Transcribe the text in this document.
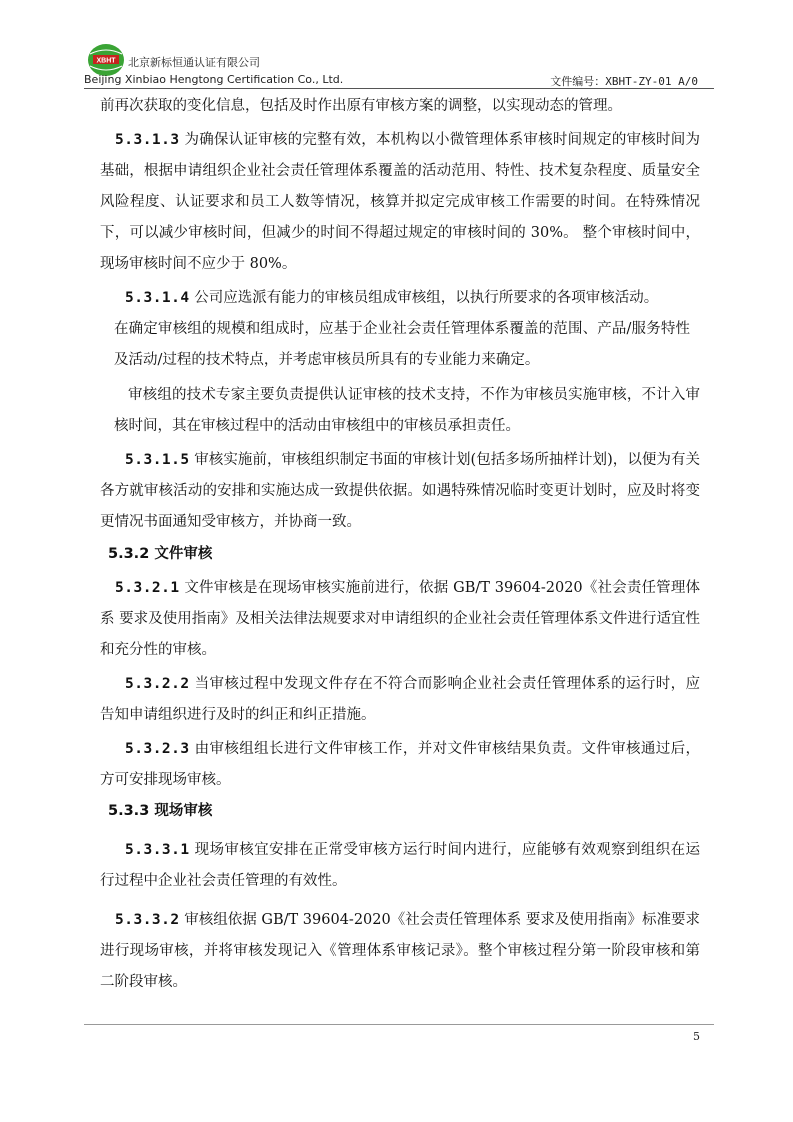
XBHT 北京新标恒通认证有限公司
Beijing Xinbiao Hengtong Certification Co., Ltd.	文件编号：XBHT-ZY-01 A/0

前再次获取的变化信息，包括及时作出原有审核方案的调整，以实现动态的管理。

5.3.1.3 为确保认证审核的完整有效，本机构以小微管理体系审核时间规定的审核时间为基础，根据申请组织企业社会责任管理体系覆盖的活动范用、特性、技术复杂程度、质量安全风险程度、认证要求和员工人数等情况，核算并拟定完成审核工作需要的时间。在特殊情况下，可以减少审核时间，但减少的时间不得超过规定的审核时间的 30%。 整个审核时间中，现场审核时间不应少于 80%。

5.3.1.4 公司应选派有能力的审核员组成审核组，以执行所要求的各项审核活动。

在确定审核组的规模和组成时，应基于企业社会责任管理体系覆盖的范围、产品/服务特性及活动/过程的技术特点，并考虑审核员所具有的专业能力来确定。

审核组的技术专家主要负责提供认证审核的技术支持，不作为审核员实施审核，不计入审核时间，其在审核过程中的活动由审核组中的审核员承担责任。

5.3.1.5 审核实施前，审核组织制定书面的审核计划(包括多场所抽样计划)，以便为有关各方就审核活动的安排和实施达成一致提供依据。如遇特殊情况临时变更计划时，应及时将变更情况书面通知受审核方，并协商一致。

5.3.2 文件审核

5.3.2.1 文件审核是在现场审核实施前进行，依据 GB/T 39604-2020《社会责任管理体系 要求及使用指南》及相关法律法规要求对申请组织的企业社会责任管理体系文件进行适宜性和充分性的审核。

5.3.2.2 当审核过程中发现文件存在不符合而影响企业社会责任管理体系的运行时，应告知申请组织进行及时的纠正和纠正措施。

5.3.2.3 由审核组组长进行文件审核工作，并对文件审核结果负责。文件审核通过后，方可安排现场审核。

5.3.3 现场审核

5.3.3.1 现场审核宜安排在正常受审核方运行时间内进行，应能够有效观察到组织在运行过程中企业社会责任管理的有效性。

5.3.3.2 审核组依据 GB/T 39604-2020《社会责任管理体系 要求及使用指南》标准要求进行现场审核，并将审核发现记入《管理体系审核记录》。整个审核过程分第一阶段审核和第二阶段审核。

5
